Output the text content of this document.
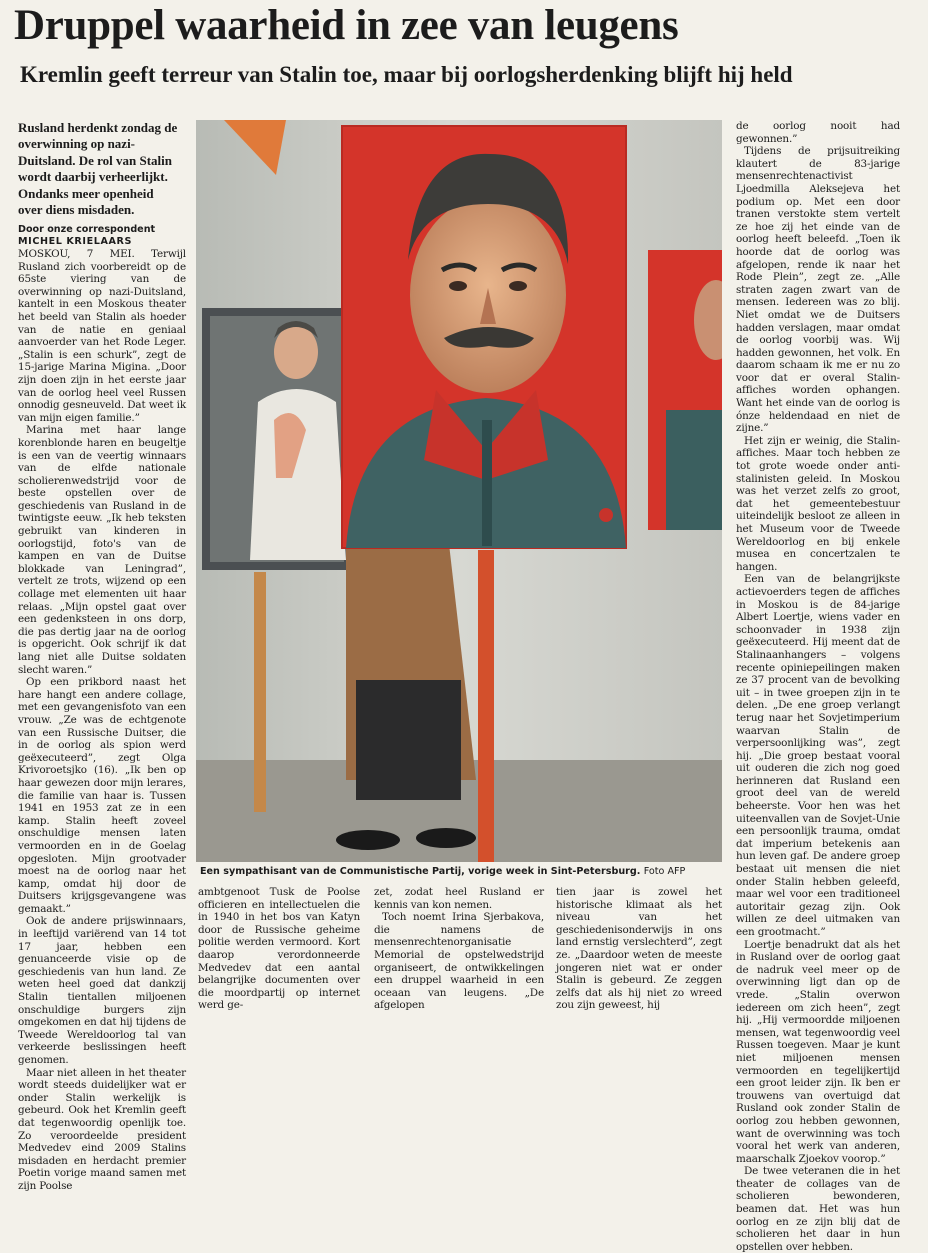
Druppel waarheid in zee van leugens
Kremlin geeft terreur van Stalin toe, maar bij oorlogsherdenking blijft hij held
Rusland herdenkt zondag de overwinning op nazi-Duitsland. De rol van Stalin wordt daarbij verheerlijkt. Ondanks meer openheid over diens misdaden.
Door onze correspondent
MICHEL KRIELAARS

MOSKOU, 7 MEI. Terwijl Rusland zich voorbereidt op de 65ste viering van de overwinning op nazi-Duitsland, kantelt in een Moskous theater het beeld van Stalin als hoeder van de natie en geniaal aanvoerder van het Rode Leger. „Stalin is een schurk”, zegt de 15-jarige Marina Migina. „Door zijn doen zijn in het eerste jaar van de oorlog heel veel Russen onnodig gesneuveld. Dat weet ik van mijn eigen familie.”

Marina met haar lange korenblonde haren en beugeltje is een van de veertig winnaars van de elfde nationale scholierenwedstrijd voor de beste opstellen over de geschiedenis van Rusland in de twintigste eeuw. „Ik heb teksten gebruikt van kinderen in oorlogstijd, foto's van de kampen en van de Duitse blokkade van Leningrad”, vertelt ze trots, wijzend op een collage met elementen uit haar relaas. „Mijn opstel gaat over een gedenksteen in ons dorp, die pas dertig jaar na de oorlog is opgericht. Ook schrijf ik dat lang niet alle Duitse soldaten slecht waren.”

Op een prikbord naast het hare hangt een andere collage, met een gevangenisfoto van een vrouw. „Ze was de echtgenote van een Russische Duitser, die in de oorlog als spion werd geëxecuteerd”, zegt Olga Krivoroetsjko (16). „Ik ben op haar gewezen door mijn lerares, die familie van haar is. Tussen 1941 en 1953 zat ze in een kamp. Stalin heeft zoveel onschuldige mensen laten vermoorden en in de Goelag opgesloten. Mijn grootvader moest na de oorlog naar het kamp, omdat hij door de Duitsers krijgsgevangene was gemaakt.”

Ook de andere prijswinnaars, in leeftijd variërend van 14 tot 17 jaar, hebben een genuanceerde visie op de geschiedenis van hun land. Ze weten heel goed dat dankzij Stalin tientallen miljoenen onschuldige burgers zijn omgekomen en dat hij tijdens de Tweede Wereldoorlog tal van verkeerde beslissingen heeft genomen.

Maar niet alleen in het theater wordt steeds duidelijker wat er onder Stalin werkelijk is gebeurd. Ook het Kremlin geeft dat tegenwoordig openlijk toe. Zo veroordeelde president Medvedev eind 2009 Stalins misdaden en herdacht premier Poetin vorige maand samen met zijn Poolse

Een sympathisant van de Communistische Partij, vorige week in Sint-Petersburg. Foto AFP

ambtgenoot Tusk de Poolse officieren en intellectuelen die in 1940 in het bos van Katyn door de Russische geheime politie werden vermoord. Kort daarop verordonneerde Medvedev dat een aantal belangrijke documenten over die moordpartij op internet werd ge-

zet, zodat heel Rusland er kennis van kon nemen.

Toch noemt Irina Sjerbakova, die namens de mensenrechtenorganisatie Memorial de opstelwedstrijd organiseert, de ontwikkelingen een druppel waarheid in een oceaan van leugens. „De afgelopen

tien jaar is zowel het historische klimaat als het niveau van het geschiedenisonderwijs in ons land ernstig verslechterd”, zegt ze. „Daardoor weten de meeste jongeren niet wat er onder Stalin is gebeurd. Ze zeggen zelfs dat als hij niet zo wreed zou zijn geweest, hij

de oorlog nooit had gewonnen.”

Tijdens de prijsuitreiking klautert de 83-jarige mensenrechtenactivist Ljoedmilla Aleksejeva het podium op. Met een door tranen verstokte stem vertelt ze hoe zij het einde van de oorlog heeft beleefd. „Toen ik hoorde dat de oorlog was afgelopen, rende ik naar het Rode Plein”, zegt ze. „Alle straten zagen zwart van de mensen. Iedereen was zo blij. Niet omdat we de Duitsers hadden verslagen, maar omdat de oorlog voorbij was. Wij hadden gewonnen, het volk. En daarom schaam ik me er nu zo voor dat er overal Stalin-affiches worden ophangen. Want het einde van de oorlog is ónze heldendaad en niet de zijne.”

Het zijn er weinig, die Stalin-affiches. Maar toch hebben ze tot grote woede onder anti-stalinisten geleid. In Moskou was het verzet zelfs zo groot, dat het gemeentebestuur uiteindelijk besloot ze alleen in het Museum voor de Tweede Wereldoorlog en bij enkele musea en concertzalen te hangen.

Een van de belangrijkste actievoerders tegen de affiches in Moskou is de 84-jarige Albert Loertje, wiens vader en schoonvader in 1938 zijn geëxecuteerd. Hij meent dat de Stalinaanhangers – volgens recente opiniepeilingen maken ze 37 procent van de bevolking uit – in twee groepen zijn in te delen. „De ene groep verlangt terug naar het Sovjetimperium waarvan Stalin de verpersoonlijking was”, zegt hij. „Die groep bestaat vooral uit ouderen die zich nog goed herinneren dat Rusland een groot deel van de wereld beheerste. Voor hen was het uiteenvallen van de Sovjet-Unie een persoonlijk trauma, omdat dat imperium betekenis aan hun leven gaf. De andere groep bestaat uit mensen die niet onder Stalin hebben geleefd, maar wel voor een traditioneel autoritair gezag zijn. Ook willen ze deel uitmaken van een grootmacht.”

Loertje benadrukt dat als het in Rusland over de oorlog gaat de nadruk veel meer op de overwinning ligt dan op de vrede. „Stalin overwon iedereen om zich heen”, zegt hij. „Hij vermoordde miljoenen mensen, wat tegenwoordig veel Russen toegeven. Maar je kunt niet miljoenen mensen vermoorden en tegelijkertijd een groot leider zijn. Ik ben er trouwens van overtuigd dat Rusland ook zonder Stalin de oorlog zou hebben gewonnen, want de overwinning was toch vooral het werk van anderen, maarschalk Zjoekov voorop.”

De twee veteranen die in het theater de collages van de scholieren bewonderen, beamen dat. Het was hun oorlog en ze zijn blij dat de scholieren het daar in hun opstellen over hebben.
